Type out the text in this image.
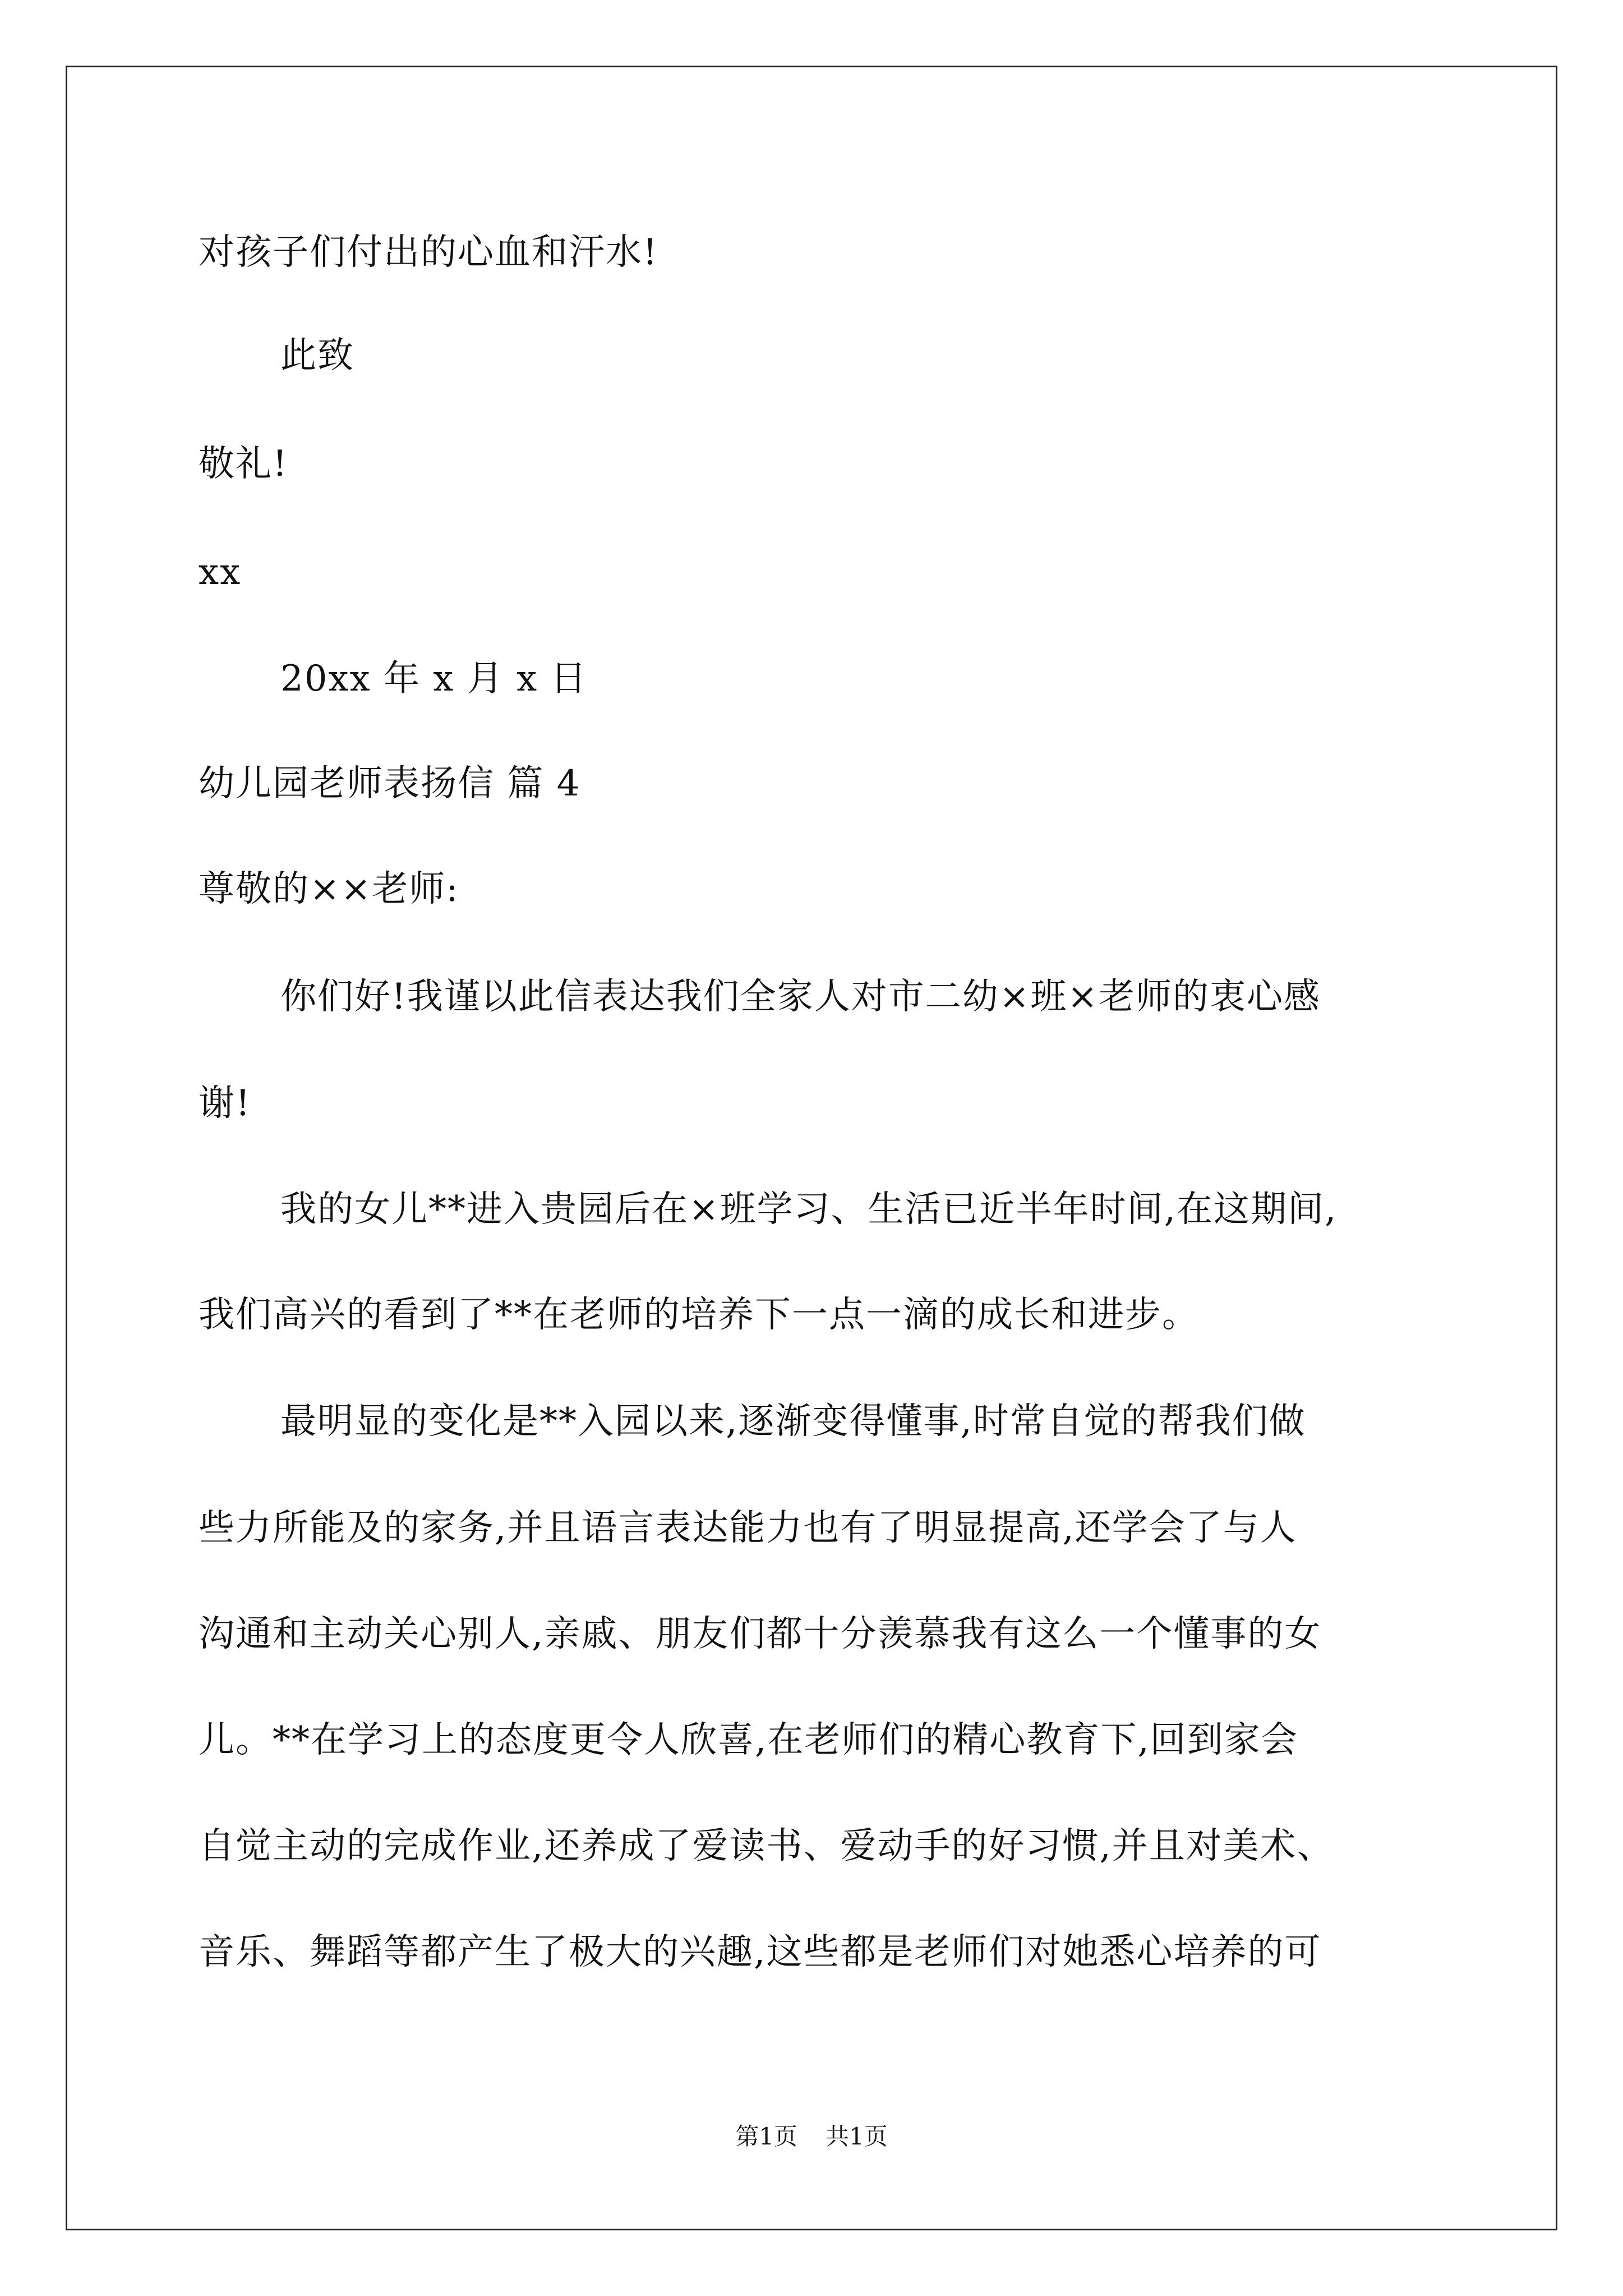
对孩子们付出的心血和汗水!
此致
敬礼!
xx
20xx 年 x 月 x 日
幼儿园老师表扬信 篇 4
尊敬的××老师:
你们好!我谨以此信表达我们全家人对市二幼×班×老师的衷心感
谢!
我的女儿**进入贵园后在×班学习、生活已近半年时间,在这期间,
我们高兴的看到了**在老师的培养下一点一滴的成长和进步。
最明显的变化是**入园以来,逐渐变得懂事,时常自觉的帮我们做
些力所能及的家务,并且语言表达能力也有了明显提高,还学会了与人
沟通和主动关心别人,亲戚、朋友们都十分羡慕我有这么一个懂事的女
儿。**在学习上的态度更令人欣喜,在老师们的精心教育下,回到家会
自觉主动的完成作业,还养成了爱读书、爱动手的好习惯,并且对美术、
音乐、舞蹈等都产生了极大的兴趣,这些都是老师们对她悉心培养的可
第1页 共1页
